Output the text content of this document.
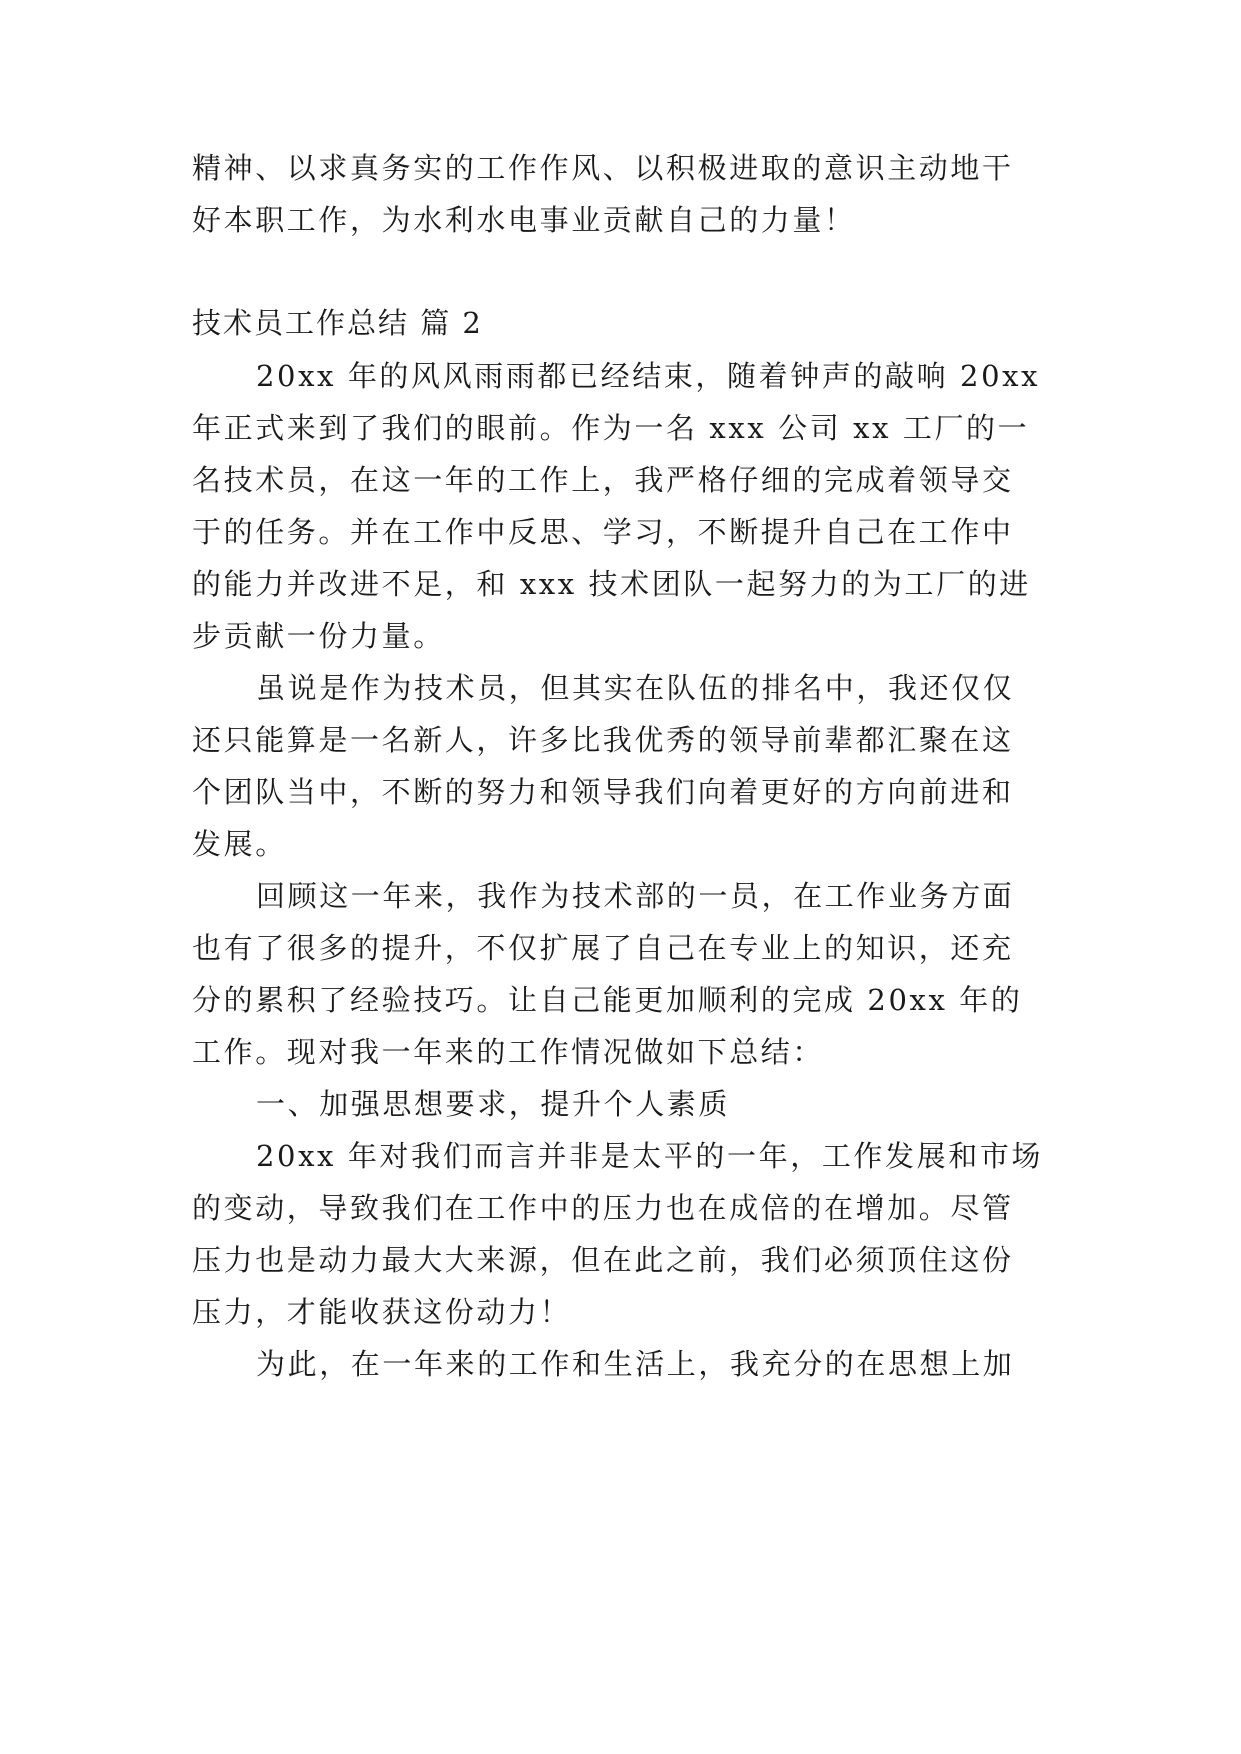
精神、以求真务实的工作作风、以积极进取的意识主动地干
好本职工作，为水利水电事业贡献自己的力量！
技术员工作总结 篇 2
20xx 年的风风雨雨都已经结束，随着钟声的敲响 20xx
年正式来到了我们的眼前。作为一名 xxx 公司 xx 工厂的一
名技术员，在这一年的工作上，我严格仔细的完成着领导交
于的任务。并在工作中反思、学习，不断提升自己在工作中
的能力并改进不足，和 xxx 技术团队一起努力的为工厂的进
步贡献一份力量。
虽说是作为技术员，但其实在队伍的排名中，我还仅仅
还只能算是一名新人，许多比我优秀的领导前辈都汇聚在这
个团队当中，不断的努力和领导我们向着更好的方向前进和
发展。
回顾这一年来，我作为技术部的一员，在工作业务方面
也有了很多的提升，不仅扩展了自己在专业上的知识，还充
分的累积了经验技巧。让自己能更加顺利的完成 20xx 年的
工作。现对我一年来的工作情况做如下总结：
一、加强思想要求，提升个人素质
20xx 年对我们而言并非是太平的一年，工作发展和市场
的变动，导致我们在工作中的压力也在成倍的在增加。尽管
压力也是动力最大大来源，但在此之前，我们必须顶住这份
压力，才能收获这份动力！
为此，在一年来的工作和生活上，我充分的在思想上加
